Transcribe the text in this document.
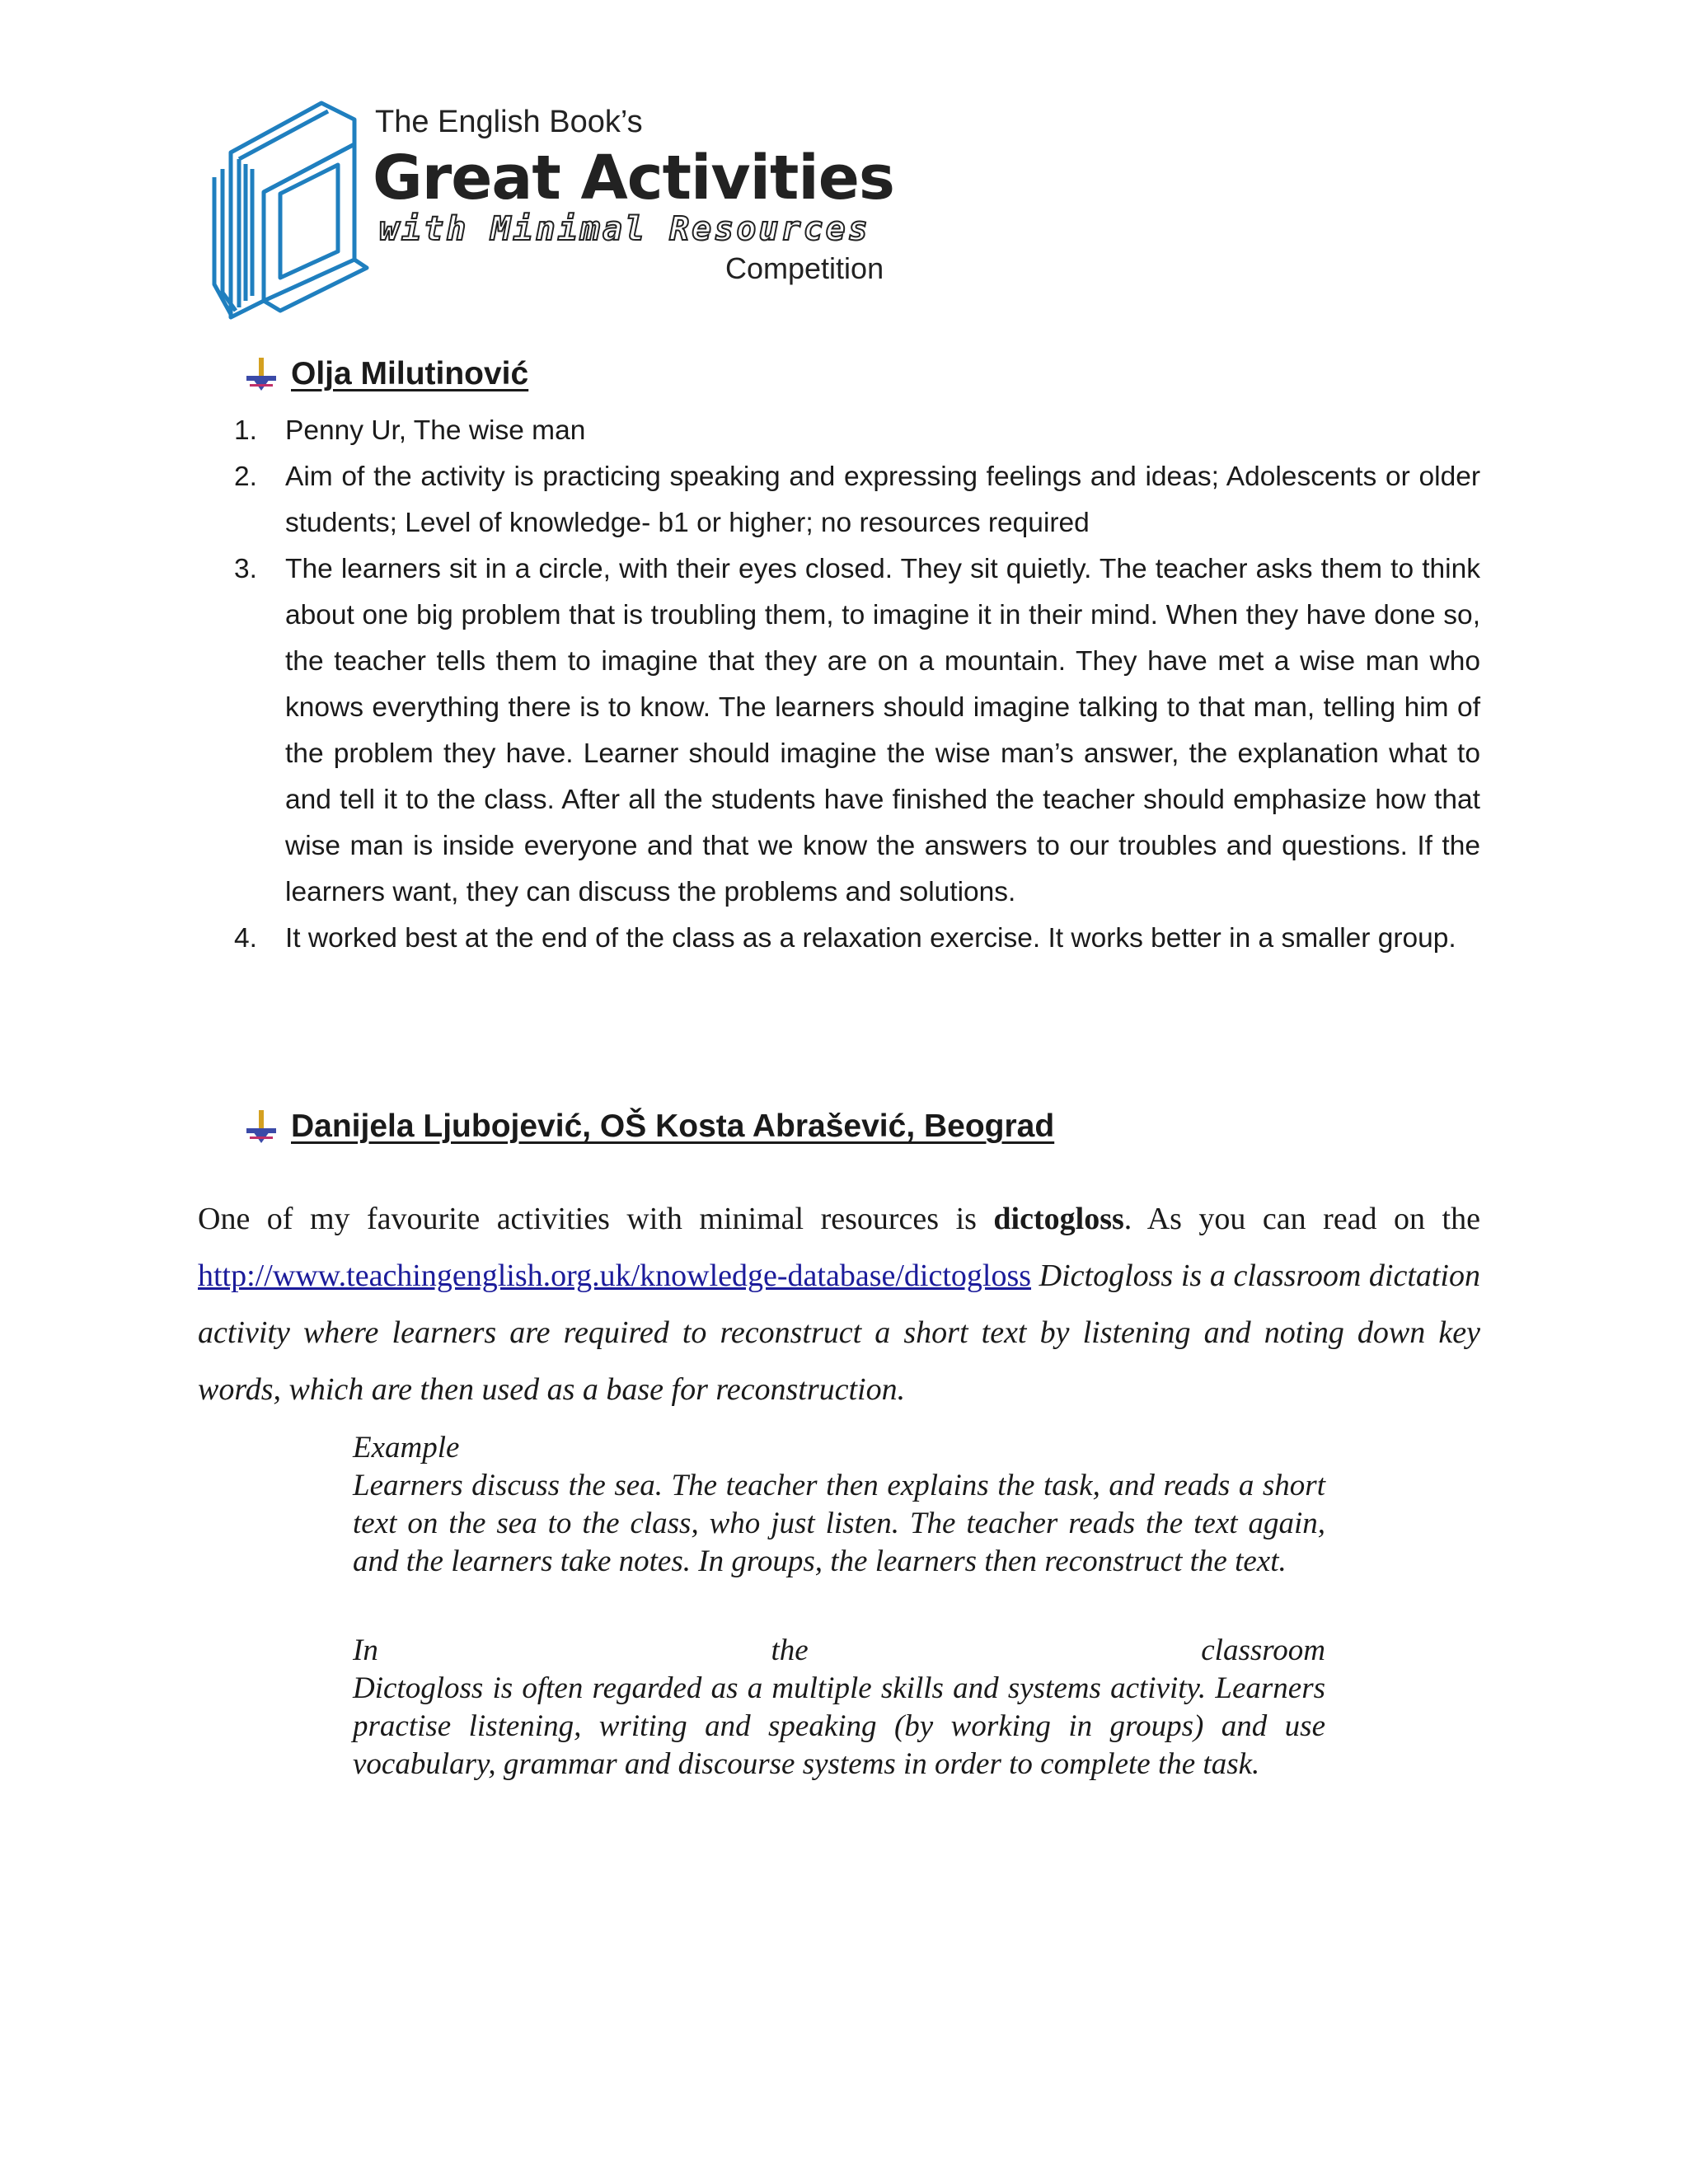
The English Book’s
Great Activities
with Minimal Resources
Competition
Olja Milutinović
1. Penny Ur, The wise man
2. Aim of the activity is practicing speaking and expressing feelings and ideas; Adolescents or older students; Level of knowledge- b1 or higher; no resources required
3. The learners sit in a circle, with their eyes closed. They sit quietly. The teacher asks them to think about one big problem that is troubling them, to imagine it in their mind. When they have done so, the teacher tells them to imagine that they are on a mountain. They have met a wise man who knows everything there is to know. The learners should imagine talking to that man, telling him of the problem they have. Learner should imagine the wise man’s answer, the explanation what to and tell it to the class. After all the students have finished the teacher should emphasize how that wise man is inside everyone and that we know the answers to our troubles and questions. If the learners want, they can discuss the problems and solutions.
4. It worked best at the end of the class as a relaxation exercise. It works better in a smaller group.
Danijela Ljubojević, OŠ Kosta Abrašević, Beograd

One of my favourite activities with minimal resources is dictogloss. As you can read on the http://www.teachingenglish.org.uk/knowledge-database/dictogloss Dictogloss is a classroom dictation activity where learners are required to reconstruct a short text by listening and noting down key words, which are then used as a base for reconstruction.

Example
Learners discuss the sea. The teacher then explains the task, and reads a short text on the sea to the class, who just listen. The teacher reads the text again, and the learners take notes. In groups, the learners then reconstruct the text.
In	the	classroom
Dictogloss is often regarded as a multiple skills and systems activity. Learners practise listening, writing and speaking (by working in groups) and use vocabulary, grammar and discourse systems in order to complete the task.
